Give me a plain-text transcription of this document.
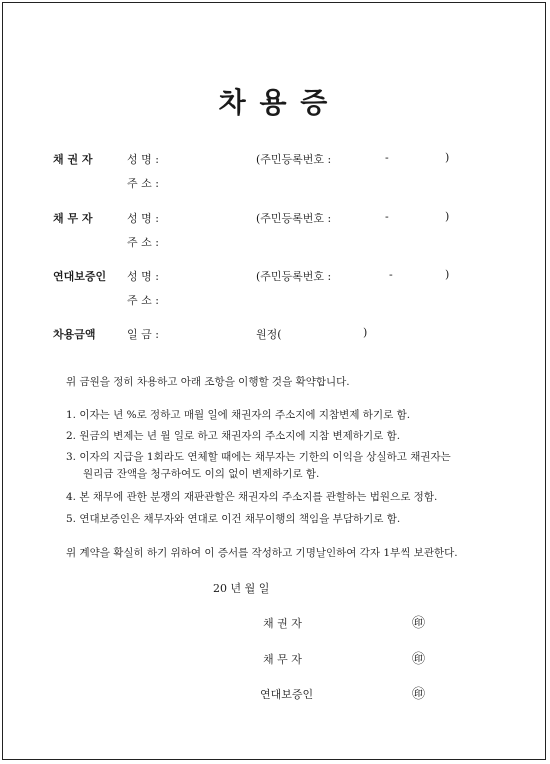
차 용 증
채 권 자	성 명 :	(주민등록번호 :	-	)
주 소 :
채 무 자	성 명 :	(주민등록번호 :	-	)
주 소 :
연대보증인 성 명 :	(주민등록번호 :	-	)
주 소 :
차용금액	일 금 :	원정(	)
위 금원을 정히 차용하고 아래 조항을 이행할 것을 확약합니다.
1. 이자는 년 %로 정하고 매월 일에 채권자의 주소지에 지참변제 하기로 함.
2. 원금의 변제는 년 월 일로 하고 채권자의 주소지에 지참 변제하기로 함.
3. 이자의 지급을 1회라도 연체할 때에는 채무자는 기한의 이익을 상실하고 채권자는
원리금 잔액을 청구하여도 이의 없이 변제하기로 함.
4. 본 채무에 관한 분쟁의 재판관할은 채권자의 주소지를 관할하는 법원으로 정함.
5. 연대보증인은 채무자와 연대로 이건 채무이행의 책임을 부담하기로 함.
위 계약을 확실히 하기 위하여 이 증서를 작성하고 기명날인하여 각자 1부씩 보관한다.
20 년 월 일
채 권 자	㊞
채 무 자	㊞
연대보증인	㊞
